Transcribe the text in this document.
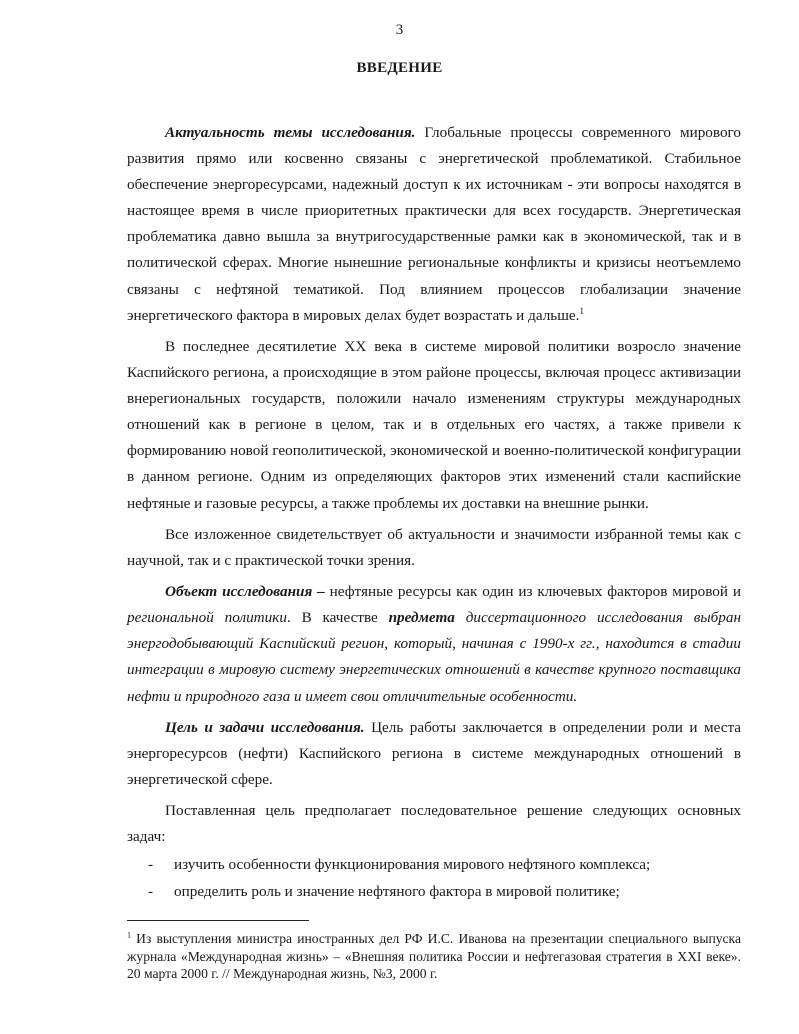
3
ВВЕДЕНИЕ

Актуальность темы исследования. Глобальные процессы современного мирового развития прямо или косвенно связаны с энергетической проблематикой. Стабильное обеспечение энергоресурсами, надежный доступ к их источникам - эти вопросы находятся в настоящее время в числе приоритетных практически для всех государств. Энергетическая проблематика давно вышла за внутригосударственные рамки как в экономической, так и в политической сферах. Многие нынешние региональные конфликты и кризисы неотъемлемо связаны с нефтяной тематикой. Под влиянием процессов глобализации значение энергетического фактора в мировых делах будет возрастать и дальше.$^1$

В последнее десятилетие XX века в системе мировой политики возросло значение Каспийского региона, а происходящие в этом районе процессы, включая процесс активизации внерегиональных государств, положили начало изменениям структуры международных отношений как в регионе в целом, так и в отдельных его частях, а также привели к формированию новой геополитической, экономической и военно-политической конфигурации в данном регионе. Одним из определяющих факторов этих изменений стали каспийские нефтяные и газовые ресурсы, а также проблемы их доставки на внешние рынки.

Все изложенное свидетельствует об актуальности и значимости избранной темы как с научной, так и с практической точки зрения.

Объект исследования – нефтяные ресурсы как один из ключевых факторов мировой и региональной политики. В качестве предмета диссертационного исследования выбран энергодобывающий Каспийский регион, который, начиная с 1990-х гг., находится в стадии интеграции в мировую систему энергетических отношений в качестве крупного поставщика нефти и природного газа и имеет свои отличительные особенности.

Цель и задачи исследования. Цель работы заключается в определении роли и места энергоресурсов (нефти) Каспийского региона в системе международных отношений в энергетической сфере.

Поставленная цель предполагает последовательное решение следующих основных задач:

- изучить особенности функционирования мирового нефтяного комплекса;
- определить роль и значение нефтяного фактора в мировой политике;
$^1$ Из выступления министра иностранных дел РФ И.С. Иванова на презентации специального выпуска журнала «Международная жизнь» – «Внешняя политика России и нефтегазовая стратегия в XXI веке». 20 марта 2000 г. // Международная жизнь, №3, 2000 г.
